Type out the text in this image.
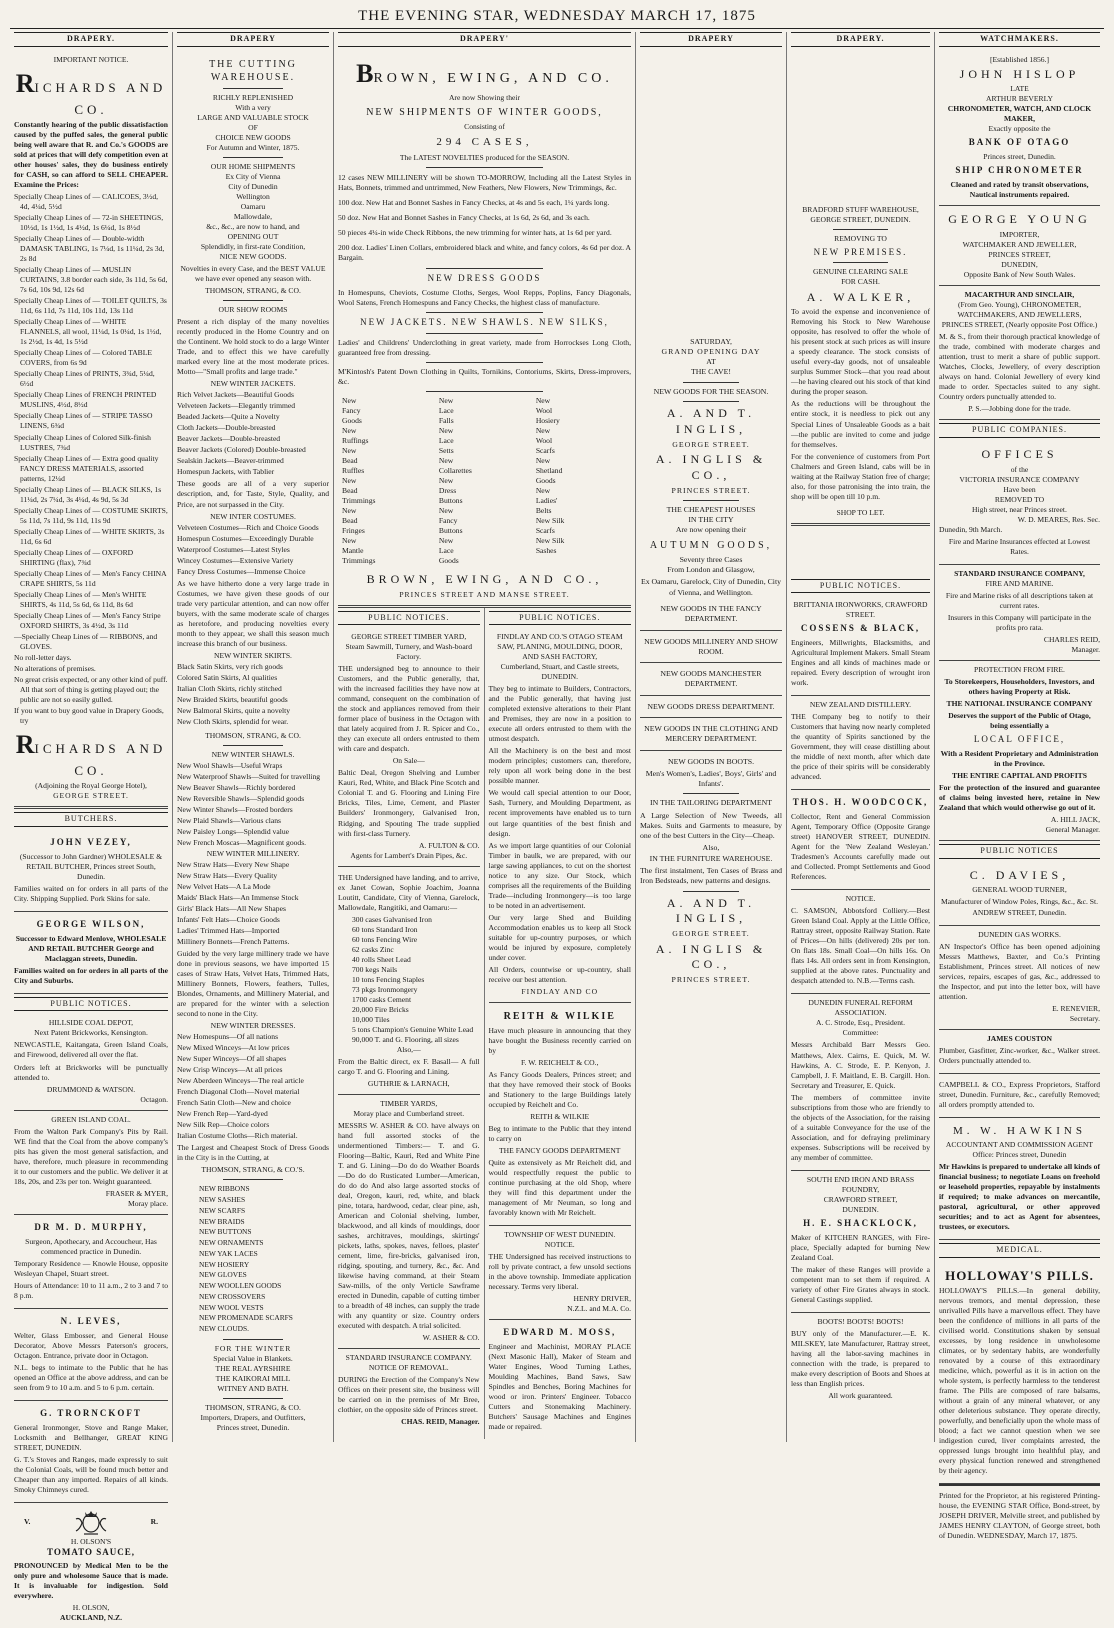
THE EVENING STAR, WEDNESDAY MARCH 17, 1875
DRAPERY.
IMPORTANT NOTICE.
RICHARDS AND CO.

Constantly hearing of the public dissatisfaction caused by the puffed sales, the general public being well aware that R. and Co.'s GOODS are sold at prices that will defy competition even at other houses' sales, they do business entirely for CASH, so can afford to SELL CHEAPER. Examine the Prices:

Specially Cheap Lines of — CALICOES, 3½d, 4d, 4¼d, 5½d
Specially Cheap Lines of — 72-in SHEETINGS, 10½d, 1s 1½d, 1s 4½d, 1s 6¼d, 1s 8½d
Specially Cheap Lines of — Double-width DAMASK TABLING, 1s 7¼d, 1s 11¼d, 2s 3d, 2s 8d
Specially Cheap Lines of — MUSLIN CURTAINS, 3.8 border each side, 3s 11d, 5s 6d, 7s 6d, 10s 9d, 12s 6d
Specially Cheap Lines of — TOILET QUILTS, 3s 11d, 6s 11d, 7s 11d, 10s 11d, 13s 11d
Specially Cheap Lines of — WHITE FLANNELS, all wool, 11¼d, 1s 0¼d, 1s 1½d, 1s 2½d, 1s 4d, 1s 5½d
Specially Cheap Lines of — Colored TABLE COVERS, from 6s 9d
Specially Cheap Lines of PRINTS, 3¾d, 5¼d, 6½d
Specially Cheap Lines of FRENCH PRINTED MUSLINS, 4½d, 8½d
Specially Cheap Lines of — STRIPE TASSO LINENS, 6¾d
Specially Cheap Lines of Colored Silk-finish LUSTRES, 7¾d
Specially Cheap Lines of — Extra good quality FANCY DRESS MATERIALS, assorted patterns, 12¼d
Specially Cheap Lines of — BLACK SILKS, 1s 11¼d, 2s 7¼d, 3s 4¼d, 4s 9d, 5s 3d
Specially Cheap Lines of — COSTUME SKIRTS, 5s 11d, 7s 11d, 9s 11d, 11s 9d
Specially Cheap Lines of — WHITE SKIRTS, 3s 11d, 6s 6d
Specially Cheap Lines of — OXFORD SHIRTING (flax), 7¾d
Specially Cheap Lines of — Men's Fancy CHINA CRAPE SHIRTS, 5s 11d
Specially Cheap Lines of — Men's WHITE SHIRTS, 4s 11d, 5s 6d, 6s 11d, 8s 6d
Specially Cheap Lines of — Men's Fancy Stripe OXFORD SHIRTS, 3s 4½d, 3s 11d
—Specially Cheap Lines of — RIBBONS, and GLOVES.
No roll-letter days.
No alterations of premises.
No great crisis expected, or any other kind of puff. All that sort of thing is getting played out; the public are not so easily gulled.
If you want to buy good value in Drapery Goods, try
RICHARDS AND CO.
(Adjoining the Royal George Hotel),
GEORGE STREET.
BUTCHERS.
JOHN VEZEY,

(Successor to John Gardner) WHOLESALE & RETAIL BUTCHER, Princes street South, Dunedin.

Families waited on for orders in all parts of the City. Shipping Supplied. Pork Skins for sale.

GEORGE WILSON,

Successor to Edward Menlove, WHOLESALE AND RETAIL BUTCHER George and Maclaggan streets, Dunedin.

Families waited on for orders in all parts of the City and Suburbs.

PUBLIC NOTICES.
HILLSIDE COAL DEPOT,
Next Patent Brickworks, Kensington.

NEWCASTLE, Kaitangata, Green Island Coals, and Firewood, delivered all over the flat.

Orders left at Brickworks will be punctually attended to.

DRUMMOND & WATSON.
Octagon.
GREEN ISLAND COAL.

From the Walton Park Company's Pits by Rail. WE find that the Coal from the above company's pits has given the most general satisfaction, and have, therefore, much pleasure in recommending it to our customers and the public. We deliver it at 18s, 20s, and 23s per ton. Weight guaranteed.

FRASER & MYER,
Moray place.
DR M. D. MURPHY,

Surgeon, Apothecary, and Accoucheur, Has commenced practice in Dunedin.

Temporary Residence — Knowle House, opposite Wesleyan Chapel, Stuart street.

Hours of Attendance: 10 to 11 a.m., 2 to 3 and 7 to 8 p.m.

N. LEVES,

Welter, Glass Embosser, and General House Decorator, Above Messrs Paterson's grocers, Octagon. Entrance, private door in Octagon.

N.L. begs to intimate to the Public that he has opened an Office at the above address, and can be seen from 9 to 10 a.m. and 5 to 6 p.m. certain.

G. TRORNCKOFT

General Ironmonger, Stove and Range Maker, Locksmith and Bellhanger, GREAT KING STREET, DUNEDIN.

G. T.'s Stoves and Ranges, made expressly to suit the Colonial Coals, will be found much better and Cheaper than any imported. Repairs of all kinds. Smoky Chimneys cured.

V.	R.
H. OLSON'S
TOMATO SAUCE,

PRONOUNCED by Medical Men to be the only pure and wholesome Sauce that is made. It is invaluable for indigestion. Sold everywhere.

H. OLSON,
AUCKLAND, N.Z.
DRAPERY
THE CUTTING WAREHOUSE.
RICHLY REPLENISHED
With a very
LARGE AND VALUABLE STOCK
OF
CHOICE NEW GOODS
For Autumn and Winter, 1875.
OUR HOME SHIPMENTS
Ex City of Vienna
City of Dunedin
Wellington
Oamaru
Mallowdale,
&c., &c., are now to hand, and
OPENING OUT
Splendidly, in first-rate Condition,
NICE NEW GOODS.

Novelties in every Case, and the BEST VALUE we have ever opened any season with.

THOMSON, STRANG, & CO.
OUR SHOW ROOMS

Present a rich display of the many novelties recently produced in the Home Country and on the Continent. We hold stock to do a large Winter Trade, and to effect this we have carefully marked every line at the most moderate prices. Motto—"Small profits and large trade."

NEW WINTER JACKETS.
Rich Velvet Jackets—Beautiful Goods
Velveteen Jackets—Elegantly trimmed
Beaded Jackets—Quite a Novelty
Cloth Jackets—Double-breasted
Beaver Jackets—Double-breasted
Beaver Jackets (Colored) Double-breasted
Sealskin Jackets—Beaver-trimmed
Homespun Jackets, with Tablier

These goods are all of a very superior description, and, for Taste, Style, Quality, and Price, are not surpassed in the City.

NEW INTER COSTUMES.
Velveteen Costumes—Rich and Choice Goods
Homespun Costumes—Exceedingly Durable
Waterproof Costumes—Latest Styles
Wincey Costumes—Extensive Variety
Fancy Dress Costumes—Immense Choice

As we have hitherto done a very large trade in Costumes, we have given these goods of our trade very particular attention, and can now offer buyers, with the same moderate scale of charges as heretofore, and producing novelties every month to they appear, we shall this season much increase this branch of our business.

NEW WINTER SKIRTS.
Black Satin Skirts, very rich goods
Colored Satin Skirts, Al qualities
Italian Cloth Skirts, richly stitched
New Braided Skirts, beautiful goods
New Balmoral Skirts, quite a novelty
New Cloth Skirts, splendid for wear.
THOMSON, STRANG, & CO.
NEW WINTER SHAWLS.
New Wool Shawls—Useful Wraps
New Waterproof Shawls—Suited for travelling
New Beaver Shawls—Richly bordered
New Reversible Shawls—Splendid goods
New Winter Shawls—Frosted borders
New Plaid Shawls—Various clans
New Paisley Longs—Splendid value
New French Moscas—Magnificent goods.
NEW WINTER MILLINERY.
New Straw Hats—Every New Shape
New Straw Hats—Every Quality
New Velvet Hats—A La Mode
Maids' Black Hats—An Immense Stock
Girls' Black Hats—All New Shapes
Infants' Felt Hats—Choice Goods
Ladies' Trimmed Hats—Imported
Millinery Bonnets—French Patterns.

Guided by the very large millinery trade we have done in previous seasons, we have imported 15 cases of Straw Hats, Velvet Hats, Trimmed Hats, Millinery Bonnets, Flowers, feathers, Tulles, Blondes, Ornaments, and Millinery Material, and are prepared for the winter with a selection second to none in the City.

NEW WINTER DRESSES.
New Homespuns—Of all nations
New Mixed Winceys—At low prices
New Super Winceys—Of all shapes
New Crisp Winceys—At all prices
New Aberdeen Winceys—The real article
French Diagonal Cloth—Novel material
French Satin Cloth—New and choice
New French Rep—Yard-dyed
New Silk Rep—Choice colors
Italian Costume Cloths—Rich material.

The Largest and Cheapest Stock of Dress Goods in the City is in the Cutting, at

THOMSON, STRANG, & CO.'S.
NEW RIBBONS
NEW SASHES
NEW SCARFS
NEW BRAIDS
NEW BUTTONS
NEW ORNAMENTS
NEW YAK LACES
NEW HOSIERY
NEW GLOVES
NEW WOOLLEN GOODS
NEW CROSSOVERS
NEW WOOL VESTS
NEW PROMENADE SCARFS
NEW CLOUDS.
FOR THE WINTER
Special Value in Blankets.
THE REAL AYRSHIRE
THE KAIKORAI MILL
WITNEY AND BATH.
THOMSON, STRANG, & CO.
Importers, Drapers, and Outfitters,
Princes street, Dunedin.
DRAPERY'
BROWN, EWING, AND CO.
Are now Showing their
NEW SHIPMENTS OF WINTER GOODS,
Consisting of
294 CASES,
The LATEST NOVELTIES produced for the SEASON.

12 cases NEW MILLINERY will be shown TO-MORROW, Including all the Latest Styles in Hats, Bonnets, trimmed and untrimmed, New Feathers, New Flowers, New Trimmings, &c.

100 doz. New Hat and Bonnet Sashes in Fancy Checks, at 4s and 5s each, 1¼ yards long.

50 doz. New Hat and Bonnet Sashes in Fancy Checks, at 1s 6d, 2s 6d, and 3s each.

50 pieces 4¼-in wide Check Ribbons, the new trimming for winter hats, at 1s 6d per yard.

200 doz. Ladies' Linen Collars, embroidered black and white, and fancy colors, 4s 6d per doz. A Bargain.

NEW DRESS GOODS

In Homespuns, Cheviots, Costume Cloths, Serges, Wool Repps, Poplins, Fancy Diagonals, Wool Satens, French Homespuns and Fancy Checks, the highest class of manufacture.

NEW JACKETS. NEW SHAWLS. NEW SILKS,

Ladies' and Childrens' Underclothing in great variety, made from Horrockses Long Cloth, guaranteed free from dressing.

M'Kintosh's Patent Down Clothing in Quilts, Tornikins, Contoriums, Skirts, Dress-improvers, &c.

New Fancy Goods
New Ruffings
New Bead Ruffles
New Bead Trimmings
New Bead Fringes
New Mantle Trimmings
New Lace Falls
New Lace Setts
New Collarettes
New Dress Buttons
New Fancy Buttons
New Lace Goods
New Wool Hosiery
New Wool Scarfs
New Shetland Goods
New Ladies' Belts
New Silk Scarfs
New Silk Sashes
BROWN, EWING, AND CO.,
PRINCES STREET AND MANSE STREET.
PUBLIC NOTICES.
GEORGE STREET TIMBER YARD,
Steam Sawmill, Turnery, and Wash-board Factory.

THE undersigned beg to announce to their Customers, and the Public generally, that, with the increased facilities they have now at command, consequent on the combination of the stock and appliances removed from their former place of business in the Octagon with that lately acquired from J. R. Spicer and Co., they can execute all orders entrusted to them with care and despatch.

On Sale—

Baltic Deal, Oregon Shelving and Lumber Kauri, Red, White, and Black Pine Scotch and Colonial T. and G. Flooring and Lining Fire Bricks, Tiles, Lime, Cement, and Plaster Builders' Ironmongery, Galvanised Iron, Ridging, and Spouting The trade supplied with first-class Turnery.

A. FULTON & CO.
Agents for Lambert's Drain Pipes, &c.

THE Undersigned have landing, and to arrive, ex Janet Cowan, Sophie Joachim, Joanna Loutitt, Candidate, City of Vienna, Garelock, Mallowdale, Rangitiki, and Oamaru:—

300 cases Galvanised Iron
60 tons Standard Iron
60 tons Fencing Wire
62 casks Zinc
40 rolls Sheet Lead
700 kegs Nails
10 tons Fencing Staples
73 pkgs Ironmongery
1700 casks Cement
20,000 Fire Bricks
10,000 Tiles
5 tons Champion's Genuine White Lead
90,000 T. and G. Flooring, all sizes
Also,—

From the Baltic direct, ex F. Basall— A full cargo T. and G. Flooring and Lining.

GUTHRIE & LARNACH,
TIMBER YARDS,
Moray place and Cumberland street.

MESSRS W. ASHER & CO. have always on hand full assorted stocks of the undermentioned Timbers:— T. and G. Flooring—Baltic, Kauri, Red and White Pine T. and G. Lining—Do do do Weather Boards—Do do do Rusticated Lumber—American, do do do And also large assorted stocks of deal, Oregon, kauri, red, white, and black pine, totara, hardwood, cedar, clear pine, ash, American and Colonial shelving, lumber, blackwood, and all kinds of mouldings, door sashes, architraves, mouldings, skirtings' pickets, laths, spokes, naves, felloes, plaster' cement, lime, fire-bricks, galvanised iron, ridging, spouting, and turnery, &c., &c. And likewise having command, at their Steam Saw-mills, of the only Verticle Sawframe erected in Dunedin, capable of cutting timber to a breadth of 48 inches, can supply the trade with any quantity or size. Country orders executed with despatch. A trial solicited.

W. ASHER & CO.
STANDARD INSURANCE COMPANY.
NOTICE OF REMOVAL.

DURING the Erection of the Company's New Offices on their present site, the business will be carried on in the premises of Mr Bree, clothier, on the opposite side of Princes street.

CHAS. REID, Manager.
PUBLIC NOTICES.
FINDLAY AND CO.'S OTAGO STEAM SAW, PLANING, MOULDING, DOOR, AND SASH FACTORY,
Cumberland, Stuart, and Castle streets, DUNEDIN.

They beg to intimate to Builders, Contractors, and the Public generally, that having just completed extensive alterations to their Plant and Premises, they are now in a position to execute all orders entrusted to them with the utmost despatch.

All the Machinery is on the best and most modern principles; customers can, therefore, rely upon all work being done in the best possible manner.

We would call special attention to our Door, Sash, Turnery, and Moulding Department, as recent improvements have enabled us to turn out large quantities of the best finish and design.

As we import large quantities of our Colonial Timber in baulk, we are prepared, with our large sawing appliances, to cut on the shortest notice to any size. Our Stock, which comprises all the requirements of the Building Trade—including Ironmongery—is too large to be noted in an advertisement.

Our very large Shed and Building Accommodation enables us to keep all Stock suitable for up-country purposes, or which would be injured by exposure, completely under cover.

All Orders, countwise or up-country, shall receive our best attention.

FINDLAY AND CO
REITH & WILKIE

Have much pleasure in announcing that they have bought the Business recently carried on by

F. W. REICHELT & CO.,

As Fancy Goods Dealers, Princes street; and that they have removed their stock of Books and Stationery to the large Buildings lately occupied by Reichelt and Co.

REITH & WILKIE

Beg to intimate to the Public that they intend to carry on

THE FANCY GOODS DEPARTMENT

Quite as extensively as Mr Reichelt did, and would respectfully request the public to continue purchasing at the old Shop, where they will find this department under the management of Mr Neuman, so long and favorably known with Mr Reichelt.

TOWNSHIP OF WEST DUNEDIN.
NOTICE.

THE Undersigned has received instructions to roll by private contract, a few unsold sections in the above township. Immediate application necessary. Terms very liberal.

HENRY DRIVER,
N.Z.L. and M.A. Co.
EDWARD M. MOSS,

Engineer and Machinist, MORAY PLACE (Next Masonic Hall), Maker of Steam and Water Engines, Wood Turning Lathes, Moulding Machines, Band Saws, Saw Spindles and Benches, Boring Machines for wood or iron. Printers' Engineer. Tobacco Cutters and Stonemaking Machinery. Butchers' Sausage Machines and Engines made or repaired.

DRAPERY
SATURDAY,
GRAND OPENING DAY
AT
THE CAVE!
NEW GOODS FOR THE SEASON.
A. AND T. INGLIS,
GEORGE STREET.
A. INGLIS & CO.,
PRINCES STREET.
THE CHEAPEST HOUSES
IN THE CITY
Are now opening their
AUTUMN GOODS,
Seventy three Cases
From London and Glasgow,

Ex Oamaru, Garelock, City of Dunedin, City of Vienna, and Wellington.

NEW GOODS IN THE FANCY DEPARTMENT.
NEW GOODS MILLINERY AND SHOW ROOM.
NEW GOODS MANCHESTER DEPARTMENT.
NEW GOODS DRESS DEPARTMENT.
NEW GOODS IN THE CLOTHING AND MERCERY DEPARTMENT.
NEW GOODS IN BOOTS.

Men's Women's, Ladies', Boys', Girls' and Infants'.

IN THE TAILORING DEPARTMENT

A Large Selection of New Tweeds, all Makes. Suits and Garments to measure, by one of the best Cutters in the City—Cheap.

Also,
IN THE FURNITURE WAREHOUSE.

The first instalment, Ten Cases of Brass and Iron Bedsteads, new patterns and designs.

A. AND T. INGLIS,
GEORGE STREET.
A. INGLIS & CO.,
PRINCES STREET.
DRAPERY.
BRADFORD STUFF WAREHOUSE,
GEORGE STREET, DUNEDIN.
REMOVING TO
NEW PREMISES.
GENUINE CLEARING SALE
FOR CASH.
A. WALKER,

To avoid the expense and inconvenience of Removing his Stock to New Warehouse opposite, has resolved to offer the whole of his present stock at such prices as will insure a speedy clearance. The stock consists of useful every-day goods, not of unsaleable surplus Summer Stock—that you read about—he having cleared out his stock of that kind during the proper season.

As the reductions will be throughout the entire stock, it is needless to pick out any Special Lines of Unsaleable Goods as a bait—the public are invited to come and judge for themselves.

For the convenience of customers from Port Chalmers and Green Island, cabs will be in waiting at the Railway Station free of charge; also, for those patronising the into train, the shop will be open till 10 p.m.

SHOP TO LET.
PUBLIC NOTICES.
BRITTANIA IRONWORKS, CRAWFORD STREET.
COSSENS & BLACK,

Engineers, Millwrights, Blacksmiths, and Agricultural Implement Makers. Small Steam Engines and all kinds of machines made or repaired. Every description of wrought iron work.

NEW ZEALAND DISTILLERY.

THE Company beg to notify to their Customers that having now nearly completed the quantity of Spirits sanctioned by the Government, they will cease distilling about the middle of next month, after which date the price of their spirits will be considerably advanced.

THOS. H. WOODCOCK,

Collector, Rent and General Commission Agent, Temporary Office (Opposite Grange street) HANOVER STREET, DUNEDIN. Agent for the 'New Zealand Wesleyan.' Tradesmen's Accounts carefully made out and Collected. Prompt Settlements and Good References.

NOTICE.

C. SAMSON, Abbotsford Colliery.—Best Green Island Coal. Apply at the Little Office, Rattray street, opposite Railway Station. Rate of Prices—On hills (delivered) 20s per ton. On flats 18s. Small Coal—On hills 16s. On flats 14s. All orders sent in from Kensington, supplied at the above rates. Punctuality and despatch attended to. N.B.—Terms cash.

DUNEDIN FUNERAL REFORM ASSOCIATION.
A. C. Strode, Esq., President.
Committee:

Messrs Archibald Barr Messrs Geo. Matthews, Alex. Cairns, E. Quick, M. W. Hawkins, A. C. Strode, E. P. Kenyon, J. Campbell, J. F. Maitland, E. B. Cargill. Hon. Secretary and Treasurer, E. Quick.

The members of committee invite subscriptions from those who are friendly to the objects of the Association, for the raising of a suitable Conveyance for the use of the Association, and for defraying preliminary expenses. Subscriptions will be received by any member of committee.

SOUTH END IRON AND BRASS FOUNDRY,
CRAWFORD STREET,
DUNEDIN.
H. E. SHACKLOCK,

Maker of KITCHEN RANGES, with Fire-place, Specially adapted for burning New Zealand Coal.

The maker of these Ranges will provide a competent man to set them if required. A variety of other Fire Grates always in stock. General Castings supplied.

BOOTS! BOOTS! BOOTS!

BUY only of the Manufacturer.—E. K. MILSKEY, late Manufacturer, Rattray street, having all the labor-saving machines in connection with the trade, is prepared to make every description of Boots and Shoes at less than English prices.

All work guaranteed.
WATCHMAKERS.
[Established 1856.]
JOHN HISLOP
LATE
ARTHUR BEVERLY
CHRONOMETER, WATCH, AND CLOCK MAKER,
Exactly opposite the
BANK OF OTAGO
Princes street, Dunedin.
SHIP CHRONOMETER
Cleaned and rated by transit observations, Nautical instruments repaired.
GEORGE YOUNG
IMPORTER,
WATCHMAKER AND JEWELLER,
PRINCES STREET,
DUNEDIN,
Opposite Bank of New South Wales.
MACARTHUR AND SINCLAIR,
(From Geo. Young), CHRONOMETER, WATCHMAKERS, AND JEWELLERS,
PRINCES STREET, (Nearly opposite Post Office.)

M. & S., from their thorough practical knowledge of the trade, combined with moderate charges and attention, trust to merit a share of public support. Watches, Clocks, Jewellery, of every description always on hand. Colonial Jewellery of every kind made to order. Spectacles suited to any sight. Country orders punctually attended to.

P. S.—Jobbing done for the trade.
PUBLIC COMPANIES.
OFFICES
of the
VICTORIA INSURANCE COMPANY
Have been
REMOVED TO
High street, near Princes street.
W. D. MEARES, Res. Sec.
Dunedin, 9th March.

Fire and Marine Insurances effected at Lowest Rates.

STANDARD INSURANCE COMPANY,
FIRE AND MARINE.

Fire and Marine risks of all descriptions taken at current rates.

Insurers in this Company will participate in the profits pro rata.

CHARLES REID,
Manager.
PROTECTION FROM FIRE.

To Storekeepers, Householders, Investors, and others having Property at Risk.

THE NATIONAL INSURANCE COMPANY

Deserves the support of the Public of Otago, being essentially a

LOCAL OFFICE,

With a Resident Proprietary and Administration in the Province.

THE ENTIRE CAPITAL AND PROFITS

For the protection of the insured and guarantee of claims being invested here, retaine in New Zealand that which would otherwise go out of it.

A. HILL JACK,
General Manager.
PUBLIC NOTICES
C. DAVIES,
GENERAL WOOD TURNER,

Manufacturer of Window Poles, Rings, &c., &c. St. ANDREW STREET, Dunedin.

DUNEDIN GAS WORKS.

AN Inspector's Office has been opened adjoining Messrs Matthews, Baxter, and Co.'s Printing Establishment, Princes street. All notices of new services, repairs, escapes of gas, &c., addressed to the Inspector, and put into the letter box, will have attention.

E. RENEVIER,
Secretary.
JAMES COUSTON

Plumber, Gasfitter, Zinc-worker, &c., Walker street. Orders punctually attended to.

CAMPBELL & CO., Express Proprietors, Stafford street, Dunedin. Furniture, &c., carefully Removed; all orders promptly attended to.

M. W. HAWKINS
ACCOUNTANT AND COMMISSION AGENT
Office: Princes street, Dunedin

Mr Hawkins is prepared to undertake all kinds of financial business; to negotiate Loans on freehold or leasehold properties, repayable by instalments if required; to make advances on mercantile, pastoral, agricultural, or other approved securities; and to act as Agent for absentees, trustees, or executors.

MEDICAL.
HOLLOWAY'S PILLS.

HOLLOWAY'S PILLS.—In general debility, nervous tremors, and mental depression, these unrivalled Pills have a marvellous effect. They have been the confidence of millions in all parts of the civilised world. Constitutions shaken by sensual excesses, by long residence in unwholesome climates, or by sedentary habits, are wonderfully renovated by a course of this extraordinary medicine, which, powerful as it is in action on the whole system, is perfectly harmless to the tenderest frame. The Pills are composed of rare balsams, without a grain of any mineral whatever, or any other deleterious substance. They operate directly, powerfully, and beneficially upon the whole mass of blood; a fact we cannot question when we see indigestion cured, liver complaints arrested, the oppressed lungs brought into healthful play, and every physical function renewed and strengthened by their agency.

Printed for the Proprietor, at his registered Printing-house, the EVENING STAR Office, Bond-street, by JOSEPH DRIVER, Melville street, and published by JAMES HENRY CLAYTON, of George street, both of Dunedin. WEDNESDAY, March 17, 1875.
